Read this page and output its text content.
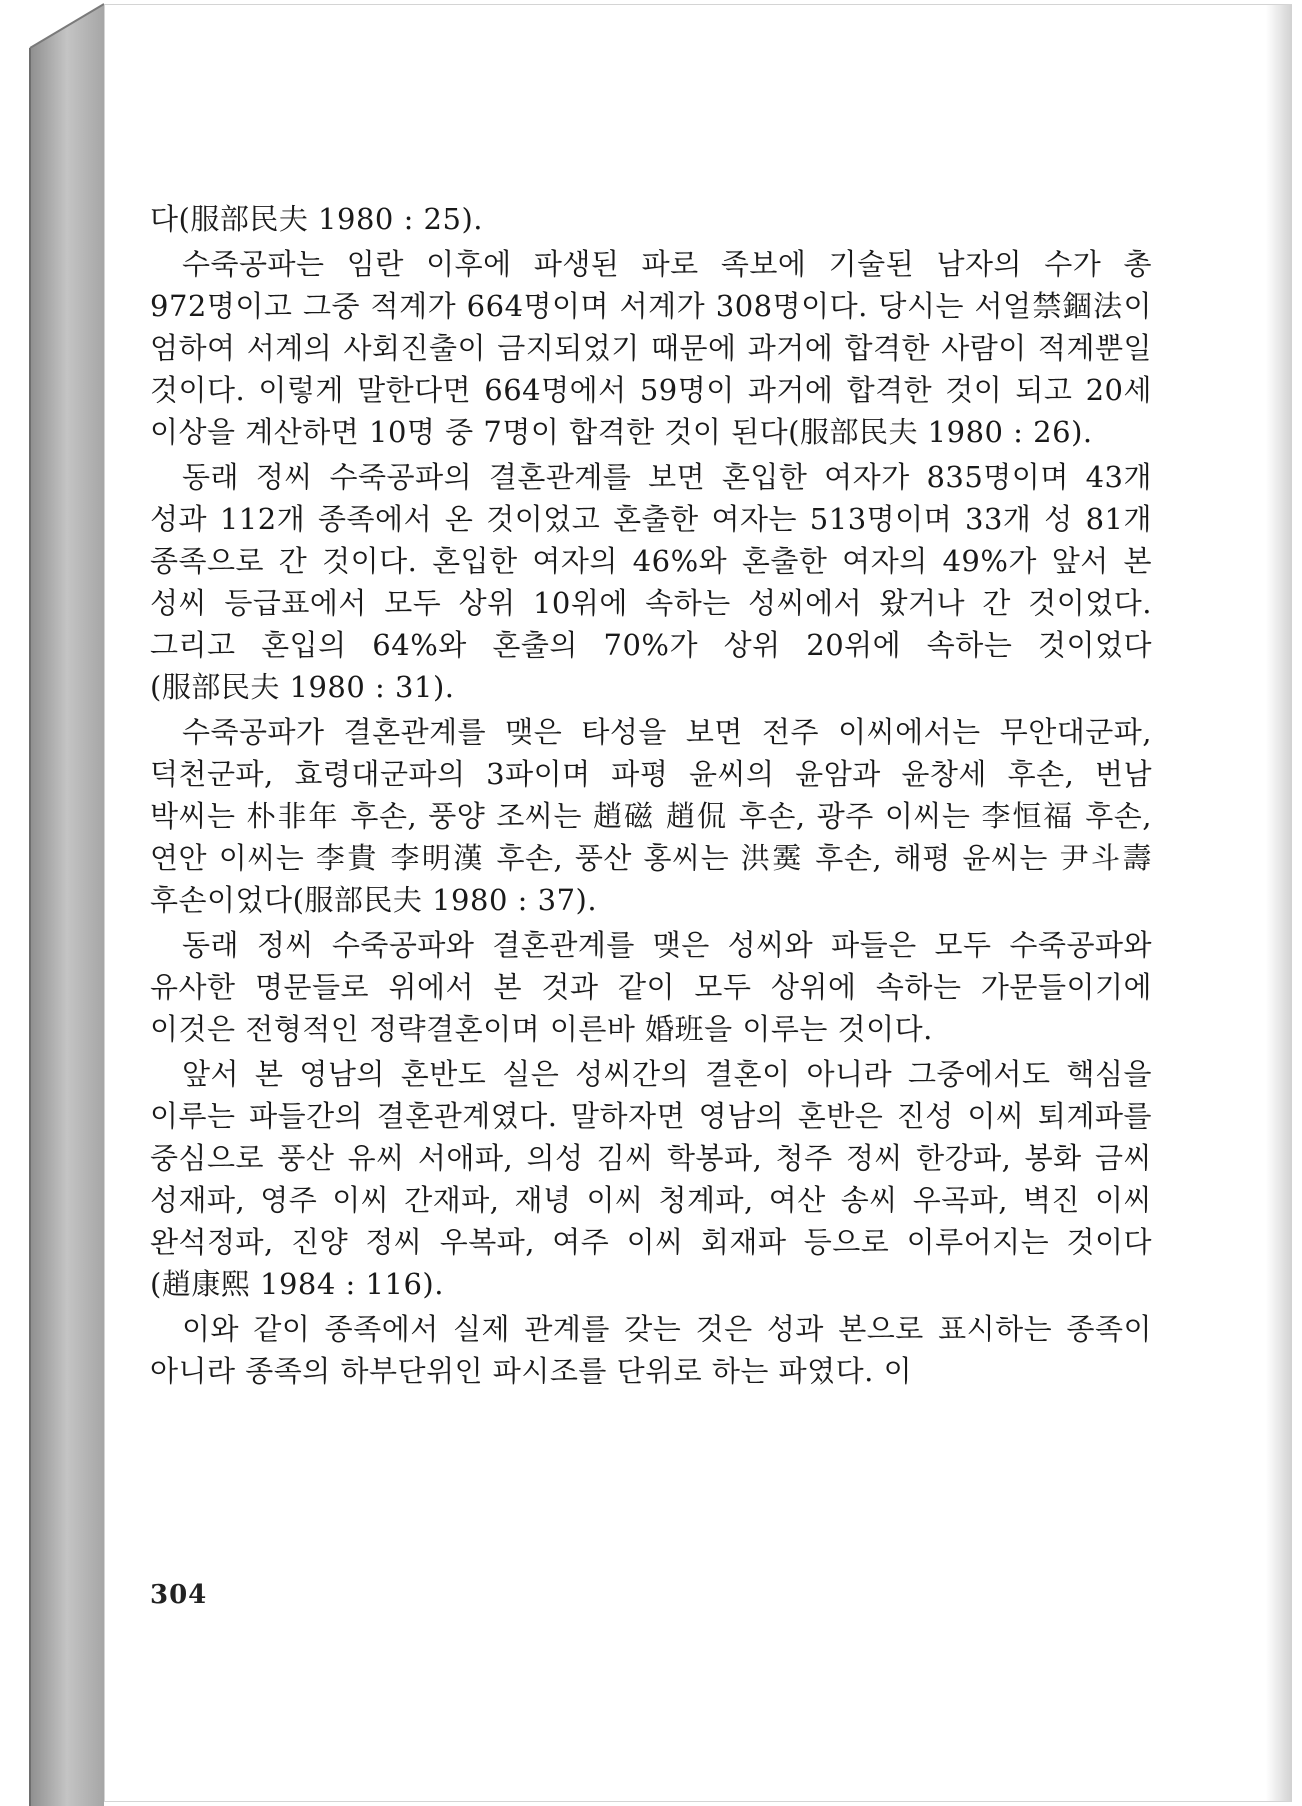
다(服部民夫 1980 : 25).

수죽공파는 임란 이후에 파생된 파로 족보에 기술된 남자의 수가 총 972명이고 그중 적계가 664명이며 서계가 308명이다. 당시는 서얼禁錮法이 엄하여 서계의 사회진출이 금지되었기 때문에 과거에 합격한 사람이 적계뿐일 것이다. 이렇게 말한다면 664명에서 59명이 과거에 합격한 것이 되고 20세 이상을 계산하면 10명 중 7명이 합격한 것이 된다(服部民夫 1980 : 26).

동래 정씨 수죽공파의 결혼관계를 보면 혼입한 여자가 835명이며 43개 성과 112개 종족에서 온 것이었고 혼출한 여자는 513명이며 33개 성 81개 종족으로 간 것이다. 혼입한 여자의 46%와 혼출한 여자의 49%가 앞서 본 성씨 등급표에서 모두 상위 10위에 속하는 성씨에서 왔거나 간 것이었다. 그리고 혼입의 64%와 혼출의 70%가 상위 20위에 속하는 것이었다(服部民夫 1980 : 31).

수죽공파가 결혼관계를 맺은 타성을 보면 전주 이씨에서는 무안대군파, 덕천군파, 효령대군파의 3파이며 파평 윤씨의 윤암과 윤창세 후손, 번남 박씨는 朴非年 후손, 풍양 조씨는 趙磁 趙侃 후손, 광주 이씨는 李恒福 후손, 연안 이씨는 李貴 李明漢 후손, 풍산 홍씨는 洪霙 후손, 해평 윤씨는 尹斗壽 후손이었다(服部民夫 1980 : 37).

동래 정씨 수죽공파와 결혼관계를 맺은 성씨와 파들은 모두 수죽공파와 유사한 명문들로 위에서 본 것과 같이 모두 상위에 속하는 가문들이기에 이것은 전형적인 정략결혼이며 이른바 婚班을 이루는 것이다.

앞서 본 영남의 혼반도 실은 성씨간의 결혼이 아니라 그중에서도 핵심을 이루는 파들간의 결혼관계였다. 말하자면 영남의 혼반은 진성 이씨 퇴계파를 중심으로 풍산 유씨 서애파, 의성 김씨 학봉파, 청주 정씨 한강파, 봉화 금씨 성재파, 영주 이씨 간재파, 재녕 이씨 청계파, 여산 송씨 우곡파, 벽진 이씨 완석정파, 진양 정씨 우복파, 여주 이씨 회재파 등으로 이루어지는 것이다(趙康熙 1984 : 116).

이와 같이 종족에서 실제 관계를 갖는 것은 성과 본으로 표시하는 종족이 아니라 종족의 하부단위인 파시조를 단위로 하는 파였다. 이

304
